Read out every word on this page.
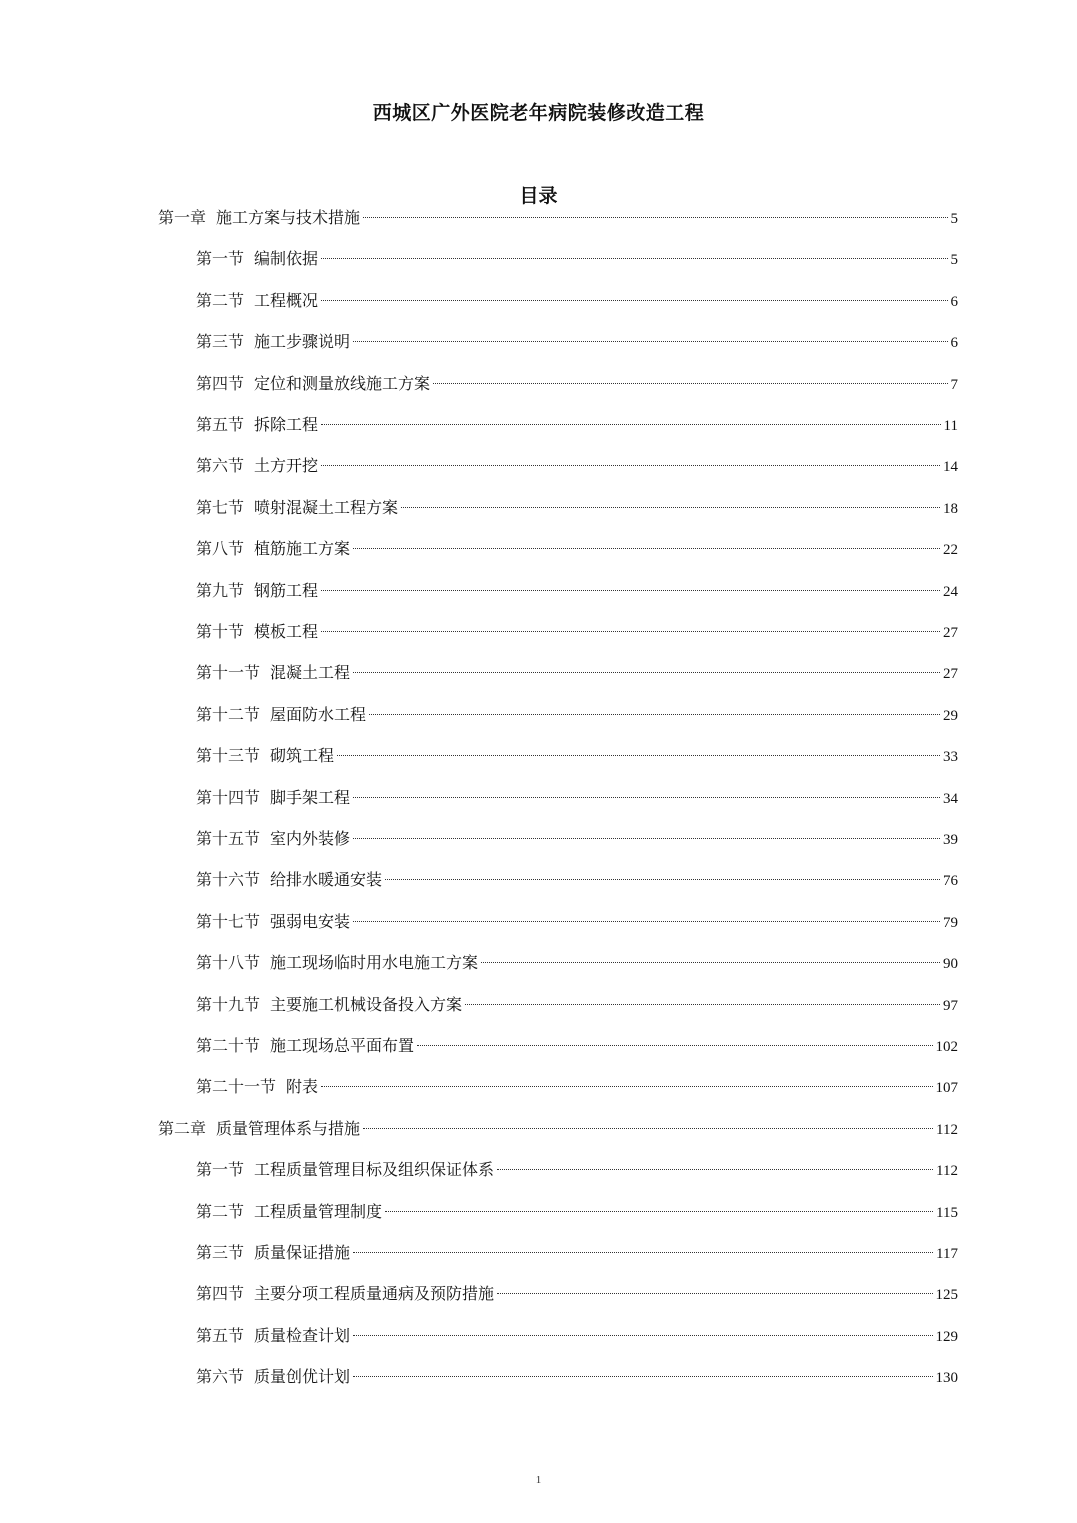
西城区广外医院老年病院装修改造工程
目录
第一章 施工方案与技术措施	5
第一节 编制依据	5
第二节 工程概况	6
第三节 施工步骤说明	6
第四节 定位和测量放线施工方案	7
第五节 拆除工程	11
第六节 土方开挖	14
第七节 喷射混凝土工程方案	18
第八节 植筋施工方案	22
第九节 钢筋工程	24
第十节 模板工程	27
第十一节 混凝土工程	27
第十二节 屋面防水工程	29
第十三节 砌筑工程	33
第十四节 脚手架工程	34
第十五节 室内外装修	39
第十六节 给排水暖通安装	76
第十七节 强弱电安装	79
第十八节 施工现场临时用水电施工方案	90
第十九节 主要施工机械设备投入方案	97
第二十节 施工现场总平面布置	102
第二十一节 附表	107
第二章 质量管理体系与措施	112
第一节 工程质量管理目标及组织保证体系	112
第二节 工程质量管理制度	115
第三节 质量保证措施	117
第四节 主要分项工程质量通病及预防措施	125
第五节 质量检查计划	129
第六节 质量创优计划	130
1
